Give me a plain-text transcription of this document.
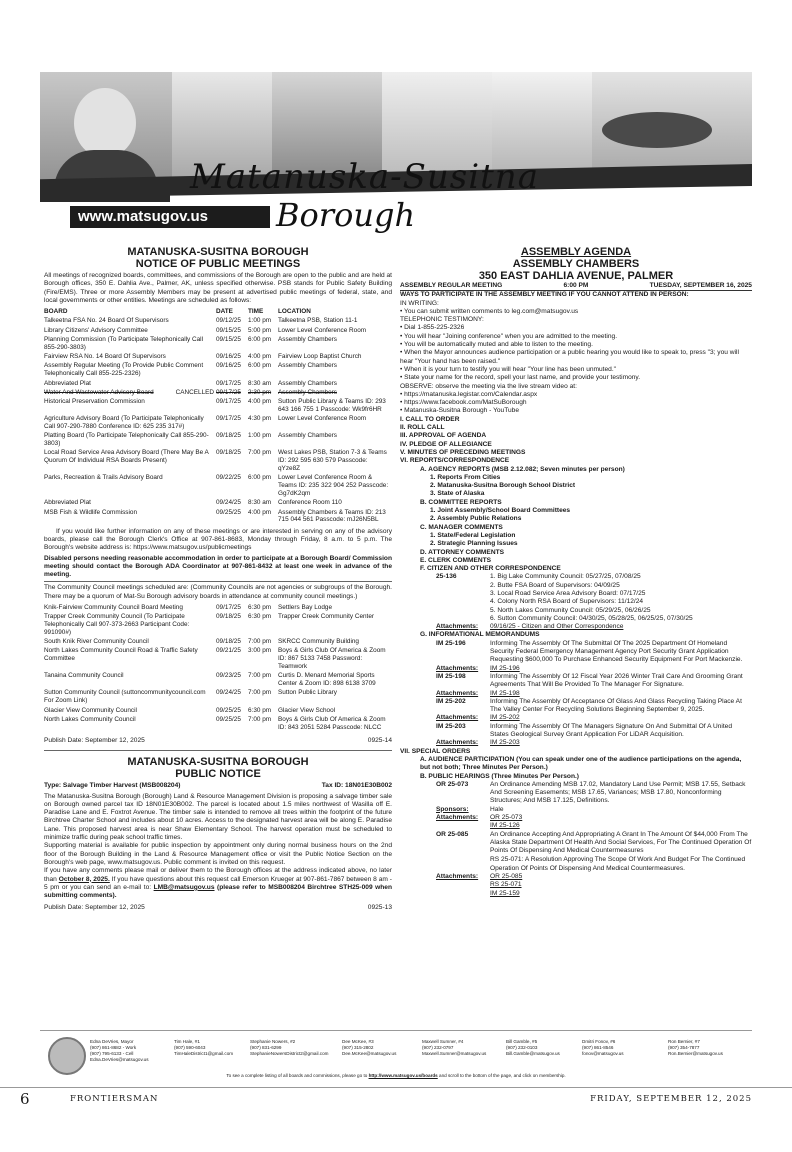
Matanuska-Susitna
Borough
www.matsugov.us
MATANUSKA-SUSITNA BOROUGH
NOTICE OF PUBLIC MEETINGS
All meetings of recognized boards, committees, and commissions of the Borough are open to the public and are held at Borough offices, 350 E. Dahlia Ave., Palmer, AK, unless specified otherwise. PSB stands for Public Safety Building (Fire/EMS). Three or more Assembly Members may be present at advertised public meetings of federal, state, and local governments or other entities. Meetings are scheduled as follows:
BOARD	DATE	TIME	LOCATION
Talkeetna FSA No. 24 Board Of Supervisors	09/12/25	1:00 pm	Talkeetna PSB, Station 11-1
Library Citizens' Advisory Committee	09/15/25	5:00 pm	Lower Level Conference Room
Planning Commission (To Participate Telephonically Call 855-290-3803)	09/15/25	6:00 pm	Assembly Chambers
Fairview RSA No. 14 Board Of Supervisors	09/16/25	4:00 pm	Fairview Loop Baptist Church
Assembly Regular Meeting (To Provide Public Comment Telephonically Call 855-225-2326)	09/16/25	6:00 pm	Assembly Chambers
Abbreviated Plat	09/17/25	8:30 am	Assembly Chambers
Water And Wastewater Advisory Board CANCELLED	09/17/25	2:30 pm	Assembly Chambers
Historical Preservation Commission	09/17/25	4:00 pm	Sutton Public Library & Teams ID: 293 643 166 755 1 Passcode: Wk9fr6HR
Agriculture Advisory Board (To Participate Telephonically Call 907-290-7880 Conference ID: 625 235 317#)	09/17/25	4:30 pm	Lower Level Conference Room
Platting Board (To Participate Telephonically Call 855-290-3803)	09/18/25	1:00 pm	Assembly Chambers
Local Road Service Area Advisory Board (There May Be A Quorum Of Individual RSA Boards Present)	09/18/25	7:00 pm	West Lakes PSB, Station 7-3 & Teams ID: 292 595 630 579 Passcode: qYze8Z
Parks, Recreation & Trails Advisory Board	09/22/25	6:00 pm	Lower Level Conference Room & Teams ID: 235 322 904 252 Passcode: Gg7dK2qm
Abbreviated Plat	09/24/25	8:30 am	Conference Room 110
MSB Fish & Wildlife Commission	09/25/25	4:00 pm	Assembly Chambers & Teams ID: 213 715 044 561 Passcode: mJ26N5BL
If you would like further information on any of these meetings or are interested in serving on any of the advisory boards, please call the Borough Clerk's Office at 907-861-8683, Monday through Friday, 8 a.m. to 5 p.m. The Borough's website address is: https://www.matsugov.us/publicmeetings
Disabled persons needing reasonable accommodation in order to participate at a Borough Board/ Commission meeting should contact the Borough ADA Coordinator at 907-861-8432 at least one week in advance of the meeting.
The Community Council meetings scheduled are: (Community Councils are not agencies or subgroups of the Borough. There may be a quorum of Mat-Su Borough advisory boards in attendance at community council meetings.)
Knik-Fairview Community Council Board Meeting	09/17/25	6:30 pm	Settlers Bay Lodge
Trapper Creek Community Council (To Participate Telephonically Call 907-373-2663 Participant Code: 991090#)	09/18/25	6:30 pm	Trapper Creek Community Center
South Knik River Community Council	09/18/25	7:00 pm	SKRCC Community Building
North Lakes Community Council Road & Traffic Safety Committee	09/21/25	3:00 pm	Boys & Girls Club Of America & Zoom ID: 867 5133 7458 Password: Teamwork
Tanaina Community Council	09/23/25	7:00 pm	Curtis D. Menard Memorial Sports Center & Zoom ID: 898 6138 3709
Sutton Community Council (suttoncommunitycouncil.com For Zoom Link)	09/24/25	7:00 pm	Sutton Public Library
Glacier View Community Council	09/25/25	6:30 pm	Glacier View School
North Lakes Community Council	09/25/25	7:00 pm	Boys & Girls Club Of America & Zoom ID: 843 2051 5284 Passcode: NLCC
Publish Date: September 12, 2025	0925-14
MATANUSKA-SUSITNA BOROUGH
PUBLIC NOTICE
Type: Salvage Timber Harvest (MSB008204)	Tax ID: 18N01E30B002
The Matanuska-Susitna Borough (Borough) Land & Resource Management Division is proposing a salvage timber sale on Borough owned parcel tax ID 18N01E30B002. The parcel is located about 1.5 miles northwest of Wasilla off E. Paradise Lane and E. Foxtrot Avenue. The timber sale is intended to remove all trees within the footprint of the future Birchtree Charter School and includes about 10 acres. Access to the designated harvest area will be along E. Paradise Lane. This proposed harvest area is near Shaw Elementary School. The harvest operation must be scheduled to minimize traffic during peak school traffic times.
Supporting material is available for public inspection by appointment only during normal business hours on the 2nd floor of the Borough Building in the Land & Resource Management office or visit the Public Notice Section on the Borough's web page, www.matsugov.us. Public comment is invited on this request.
If you have any comments please mail or deliver them to the Borough offices at the address indicated above, no later than October 8, 2025. If you have questions about this request call Emerson Krueger at 907-861-7867 between 8 am - 5 pm or you can send an e-mail to: LMB@matsugov.us (please refer to MSB008204 Birchtree STH25-009 when submitting comments).
Publish Date: September 12, 2025	0925-13
ASSEMBLY AGENDA
ASSEMBLY CHAMBERS
350 EAST DAHLIA AVENUE, PALMER
ASSEMBLY REGULAR MEETING	6:00 PM	TUESDAY, SEPTEMBER 16, 2025
WAYS TO PARTICIPATE IN THE ASSEMBLY MEETING IF YOU CANNOT ATTEND IN PERSON:
IN WRITING:
• You can submit written comments to leg.com@matsugov.us
TELEPHONIC TESTIMONY:
• Dial 1-855-225-2326
• You will hear "Joining conference" when you are admitted to the meeting.
• You will be automatically muted and able to listen to the meeting.
• When the Mayor announces audience participation or a public hearing you would like to speak to, press "3; you will hear "Your hand has been raised."
• When it is your turn to testify you will hear "Your line has been unmuted."
• State your name for the record, spell your last name, and provide your testimony.
OBSERVE: observe the meeting via the live stream video at:
• https://matanuska.legistar.com/Calendar.aspx
• https://www.facebook.com/MatSuBorough
• Matanuska-Susitna Borough - YouTube
I. CALL TO ORDER
II. ROLL CALL
III. APPROVAL OF AGENDA
IV. PLEDGE OF ALLEGIANCE
V. MINUTES OF PRECEDING MEETINGS
VI. REPORTS/CORRESPONDENCE
A. AGENCY REPORTS (MSB 2.12.082; Seven minutes per person)
1. Reports From Cities
2. Matanuska-Susitna Borough School District
3. State of Alaska
B. COMMITTEE REPORTS
1. Joint Assembly/School Board Committees
2. Assembly Public Relations
C. MANAGER COMMENTS
1. State/Federal Legislation
2. Strategic Planning Issues
D. ATTORNEY COMMENTS
E. CLERK COMMENTS
F. CITIZEN AND OTHER CORRESPONDENCE
25-136	1. Big Lake Community Council: 05/27/25, 07/08/25
2. Butte FSA Board of Supervisors: 04/09/25
3. Local Road Service Area Advisory Board: 07/17/25
4. Colony North RSA Board of Supervisors: 11/12/24
5. North Lakes Community Council: 05/29/25, 06/26/25
6. Sutton Community Council: 04/30/25, 05/28/25, 06/25/25, 07/30/25
Attachments:	09/16/25 - Citizen and Other Correspondence
G. INFORMATIONAL MEMORANDUMS
IM 25-196	Informing The Assembly Of The Submittal Of The 2025 Department Of Homeland Security Federal Emergency Management Agency Port Security Grant Application Requesting $600,000 To Purchase Enhanced Security Equipment For Port Mackenzie.
Attachments:	IM 25-196
IM 25-198	Informing The Assembly Of 12 Fiscal Year 2026 Winter Trail Care And Grooming Grant Agreements That Will Be Provided To The Manager For Signature.
Attachments:	IM 25-198
IM 25-202	Informing The Assembly Of Acceptance Of Glass And Glass Recycling Taking Place At The Valley Center For Recycling Solutions Beginning September 9, 2025.
Attachments:	IM 25-202
IM 25-203	Informing The Assembly Of The Managers Signature On And Submittal Of A United States Geological Survey Grant Application For LiDAR Acquisition.
Attachments:	IM 25-203
VII. SPECIAL ORDERS
A. AUDIENCE PARTICIPATION (You can speak under one of the audience participations on the agenda, but not both; Three Minutes Per Person.)
B. PUBLIC HEARINGS (Three Minutes Per Person.)
OR 25-073	An Ordinance Amending MSB 17.02, Mandatory Land Use Permit; MSB 17.55, Setback And Screening Easements; MSB 17.65, Variances; MSB 17.80, Nonconforming Structures; And MSB 17.125, Definitions.
Sponsors:	Hale
Attachments:	OR 25-073
IM 25-126
OR 25-085	An Ordinance Accepting And Appropriating A Grant In The Amount Of $44,000 From The Alaska State Department Of Health And Social Services, For The Continued Operation Of Points Of Dispensing And Medical Countermeasures
RS 25-071: A Resolution Approving The Scope Of Work And Budget For The Continued Operation Of Points Of Dispensing And Medical Countermeasures.
Attachments:	OR 25-085
RS 25-071
IM 25-159
Edna DeVries, Mayor
(907) 861-8682 - Work
(907) 795-6133 - Cell
Edna.DeVries@matsugov.us
Tim Hale, #1
(907) 590-6043
TimHaleDistrict1@gmail.com
Stephanie Nowers, #2
(907) 831-6299
StephanieNowersDistrict2@gmail.com
Dee McKee, #3
(907) 315-2802
Dee.McKee@matsugov.us
Maxwell Sumner, #4
(907) 232-0797
Maxwell.Sumner@matsugov.us
Bill Gamble, #5
(907) 232-0103
Bill.Gamble@matsugov.us
Dmitri Fonov, #6
(907) 861-8546
fonov@matsugov.us
Ron Bernier, #7
(907) 354-7877
Ron.Bernier@matsugov.us
To see a complete listing of all boards and commissions, please go to http://www.matsugov.us/boards and scroll to the bottom of the page, and click on membership.
6	FRONTIERSMAN	FRIDAY, SEPTEMBER 12, 2025
